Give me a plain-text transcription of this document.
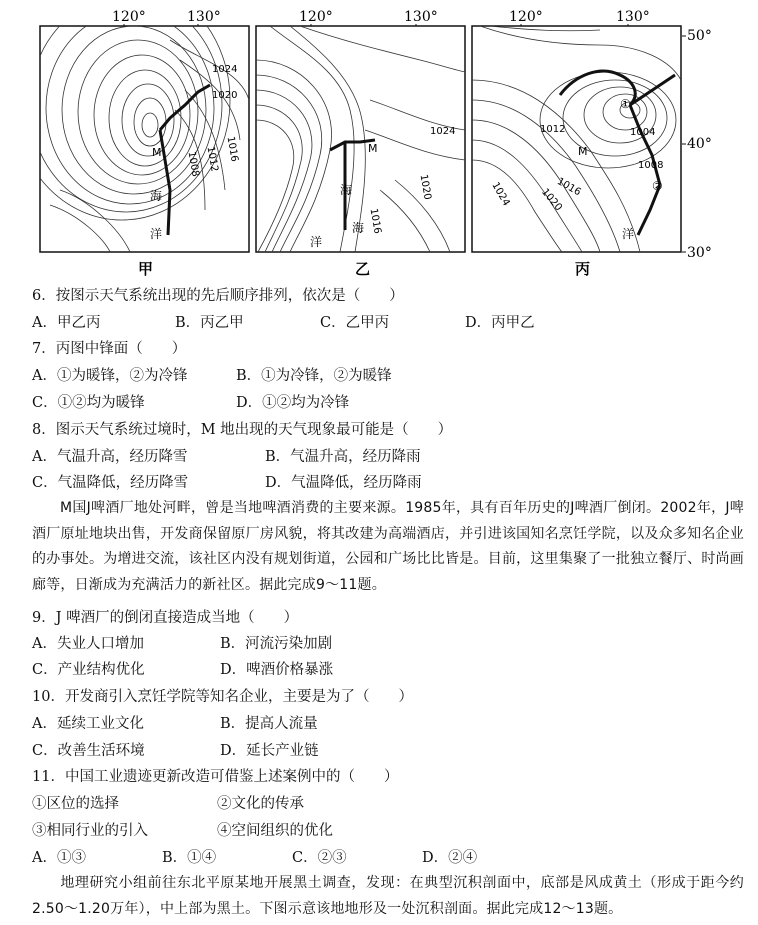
120°	130°	120°	130°	120°	130°
50°
40°
30°
1024
1020
1016
1012
1008
M
海
洋
1024
1020
1016
M
海
海
洋
1012	1004
1008
1016
1020
1024
M
①
②
洋
甲	乙	丙
6．按图示天气系统出现的先后顺序排列，依次是（　　）
A．甲乙丙	B．丙乙甲	C．乙甲丙	D．丙甲乙
7．丙图中锋面（　　）
A．①为暖锋，②为冷锋	B．①为冷锋，②为暖锋
C．①②均为暖锋	D．①②均为冷锋
8．图示天气系统过境时，M 地出现的天气现象最可能是（　　）
A．气温升高，经历降雪	B．气温升高，经历降雨
C．气温降低，经历降雪	D．气温降低，经历降雨
M国J啤酒厂地处河畔，曾是当地啤酒消费的主要来源。1985年，具有百年历史的J啤酒厂倒闭。2002年，J啤酒厂原址地块出售，开发商保留原厂房风貌，将其改建为高端酒店，并引进该国知名烹饪学院，以及众多知名企业的办事处。为增进交流，该社区内没有规划街道，公园和广场比比皆是。目前，这里集聚了一批独立餐厅、时尚画廊等，日渐成为充满活力的新社区。据此完成9～11题。
9．J 啤酒厂的倒闭直接造成当地（　　）
A．失业人口增加	B．河流污染加剧
C．产业结构优化	D．啤酒价格暴涨
10．开发商引入烹饪学院等知名企业，主要是为了（　　）
A．延续工业文化	B．提高人流量
C．改善生活环境	D．延长产业链
11．中国工业遗迹更新改造可借鉴上述案例中的（　　）
①区位的选择	②文化的传承
③相同行业的引入	④空间组织的优化
A．①③	B．①④	C．②③	D．②④
地理研究小组前往东北平原某地开展黑土调查，发现：在典型沉积剖面中，底部是风成黄土（形成于距今约2.50～1.20万年），中上部为黑土。下图示意该地地形及一处沉积剖面。据此完成12～13题。
